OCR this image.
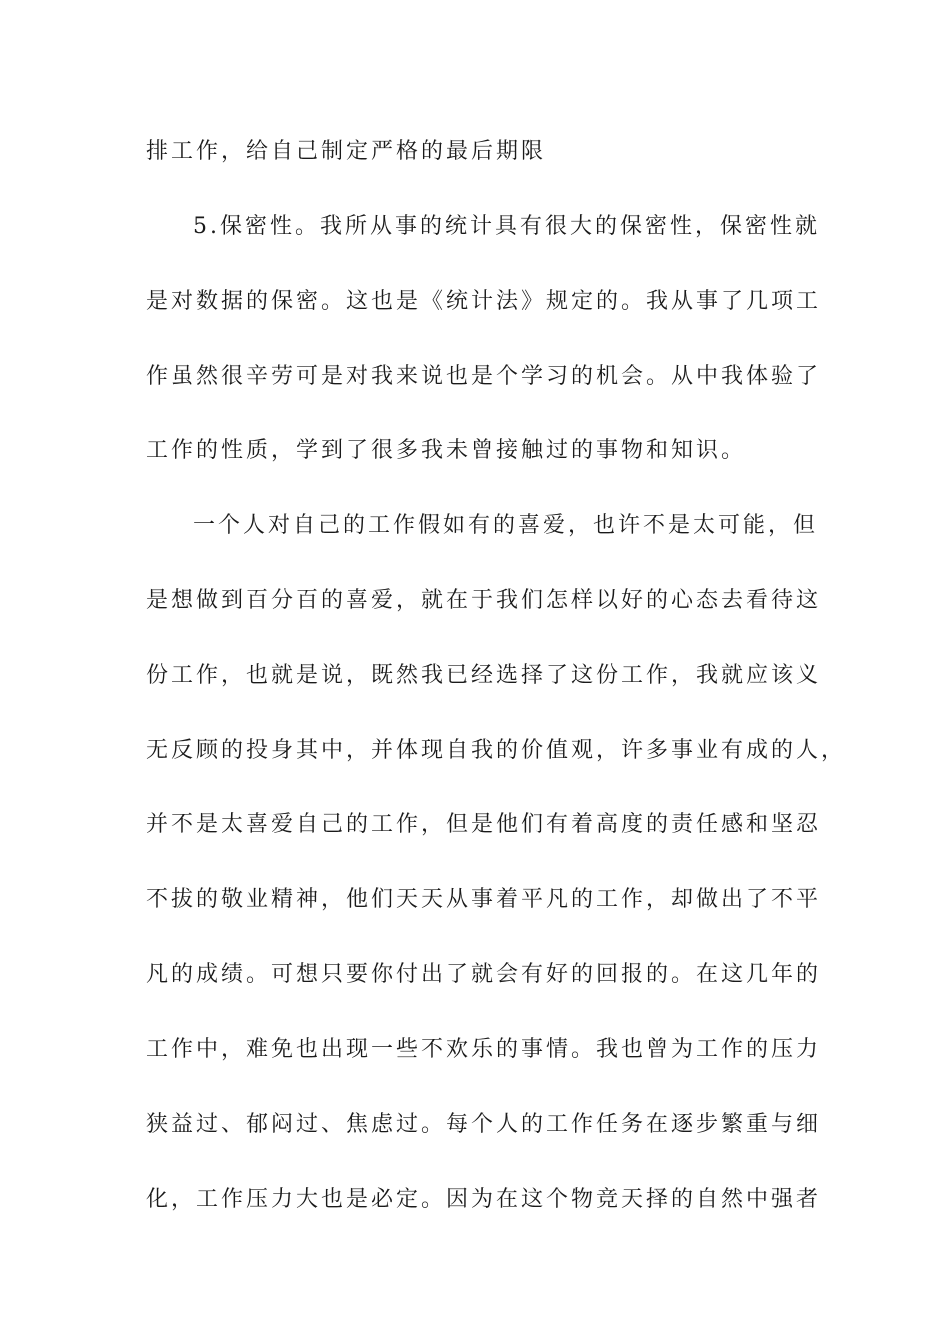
排工作，给自己制定严格的最后期限
5.保密性。我所从事的统计具有很大的保密性，保密性就
是对数据的保密。这也是《统计法》规定的。我从事了几项工
作虽然很辛劳可是对我来说也是个学习的机会。从中我体验了
工作的性质，学到了很多我未曾接触过的事物和知识。
一个人对自己的工作假如有的喜爱，也许不是太可能，但
是想做到百分百的喜爱，就在于我们怎样以好的心态去看待这
份工作，也就是说，既然我已经选择了这份工作，我就应该义
无反顾的投身其中，并体现自我的价值观，许多事业有成的人，
并不是太喜爱自己的工作，但是他们有着高度的责任感和坚忍
不拔的敬业精神，他们天天从事着平凡的工作，却做出了不平
凡的成绩。可想只要你付出了就会有好的回报的。在这几年的
工作中，难免也出现一些不欢乐的事情。我也曾为工作的压力
狭益过、郁闷过、焦虑过。每个人的工作任务在逐步繁重与细
化，工作压力大也是必定。因为在这个物竞天择的自然中强者
